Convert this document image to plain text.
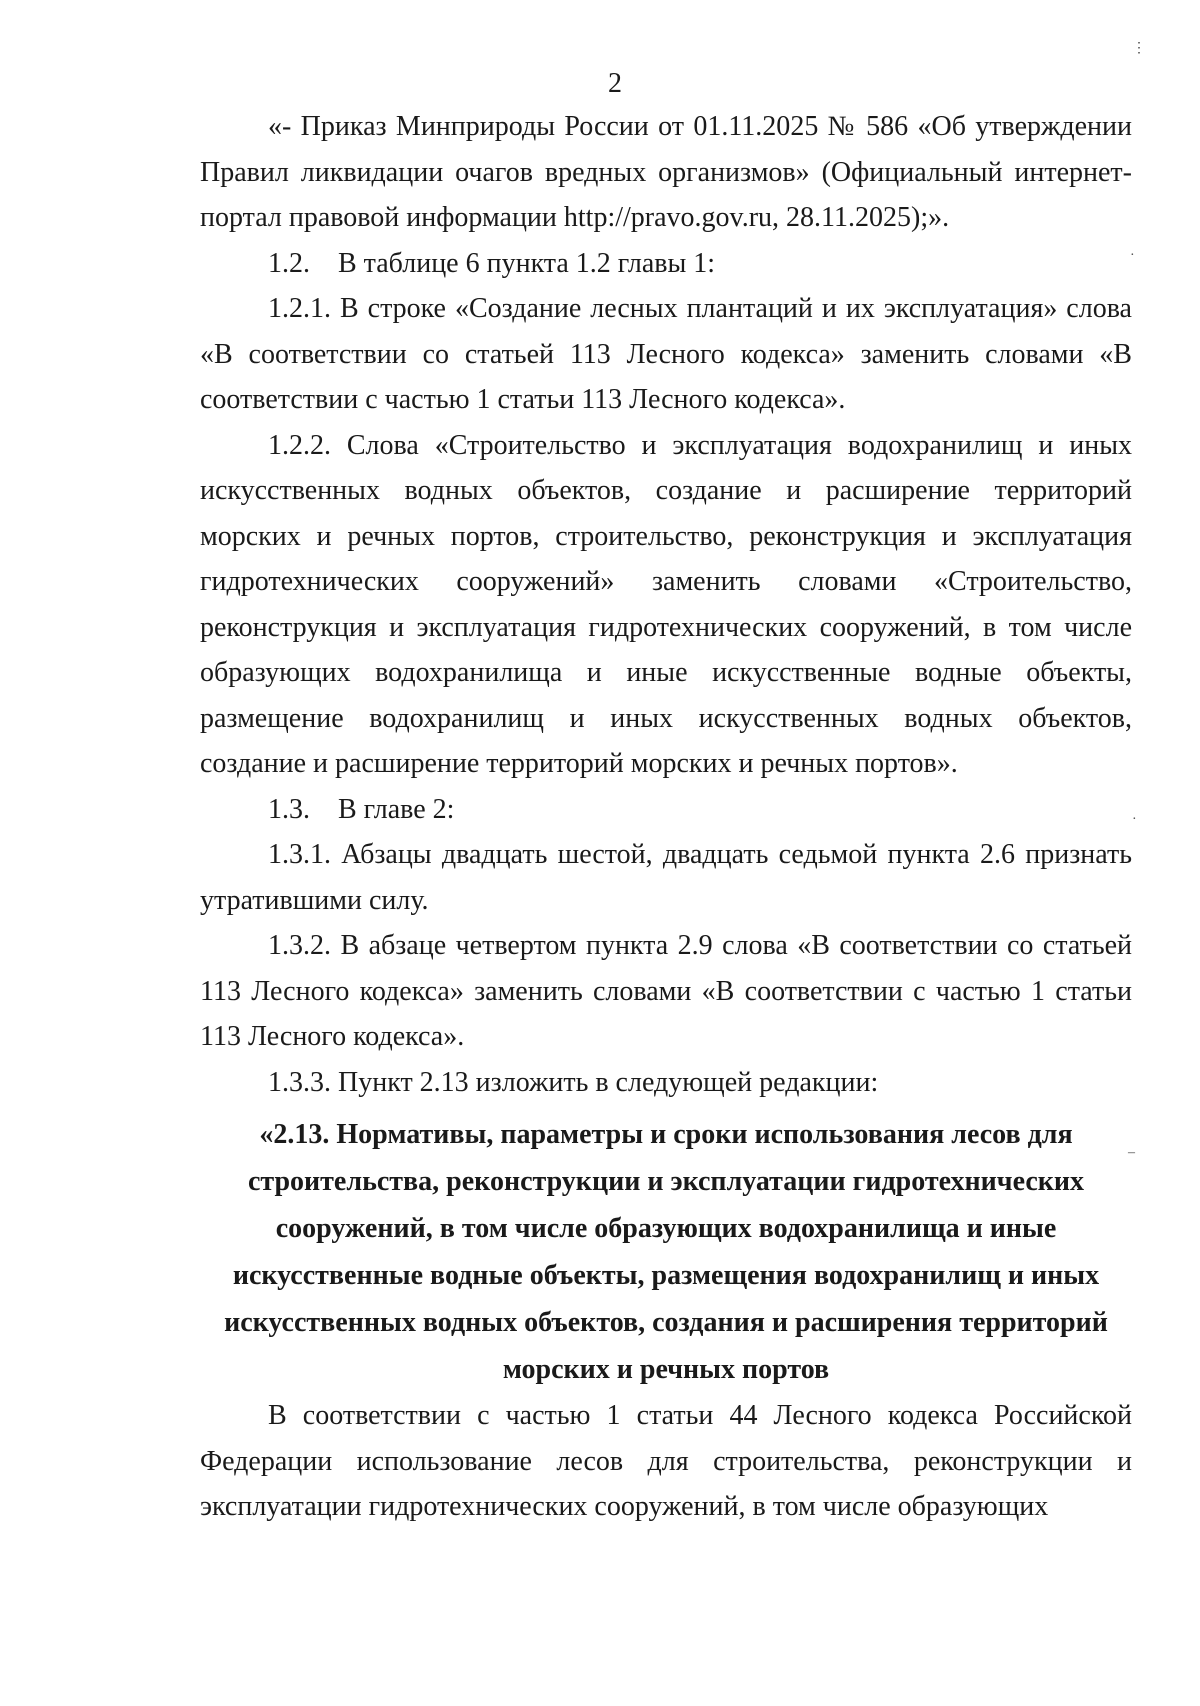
2

«- Приказ Минприроды России от 01.11.2025 № 586 «Об утверждении Правил ликвидации очагов вредных организмов» (Официальный интернет-портал правовой информации http://pravo.gov.ru, 28.11.2025);».

1.2. В таблице 6 пункта 1.2 главы 1:

1.2.1. В строке «Создание лесных плантаций и их эксплуатация» слова «В соответствии со статьей 113 Лесного кодекса» заменить словами «В соответствии с частью 1 статьи 113 Лесного кодекса».

1.2.2. Слова «Строительство и эксплуатация водохранилищ и иных искусственных водных объектов, создание и расширение территорий морских и речных портов, строительство, реконструкция и эксплуатация гидротехнических сооружений» заменить словами «Строительство, реконструкция и эксплуатация гидротехнических сооружений, в том числе образующих водохранилища и иные искусственные водные объекты, размещение водохранилищ и иных искусственных водных объектов, создание и расширение территорий морских и речных портов».

1.3. В главе 2:

1.3.1. Абзацы двадцать шестой, двадцать седьмой пункта 2.6 признать утратившими силу.

1.3.2. В абзаце четвертом пункта 2.9 слова «В соответствии со статьей 113 Лесного кодекса» заменить словами «В соответствии с частью 1 статьи 113 Лесного кодекса».

1.3.3. Пункт 2.13 изложить в следующей редакции:

«2.13. Нормативы, параметры и сроки использования лесов для строительства, реконструкции и эксплуатации гидротехнических сооружений, в том числе образующих водохранилища и иные искусственные водные объекты, размещения водохранилищ и иных искусственных водных объектов, создания и расширения территорий морских и речных портов

В соответствии с частью 1 статьи 44 Лесного кодекса Российской Федерации использование лесов для строительства, реконструкции и эксплуатации гидротехнических сооружений, в том числе образующих

⋮
·
·
–
